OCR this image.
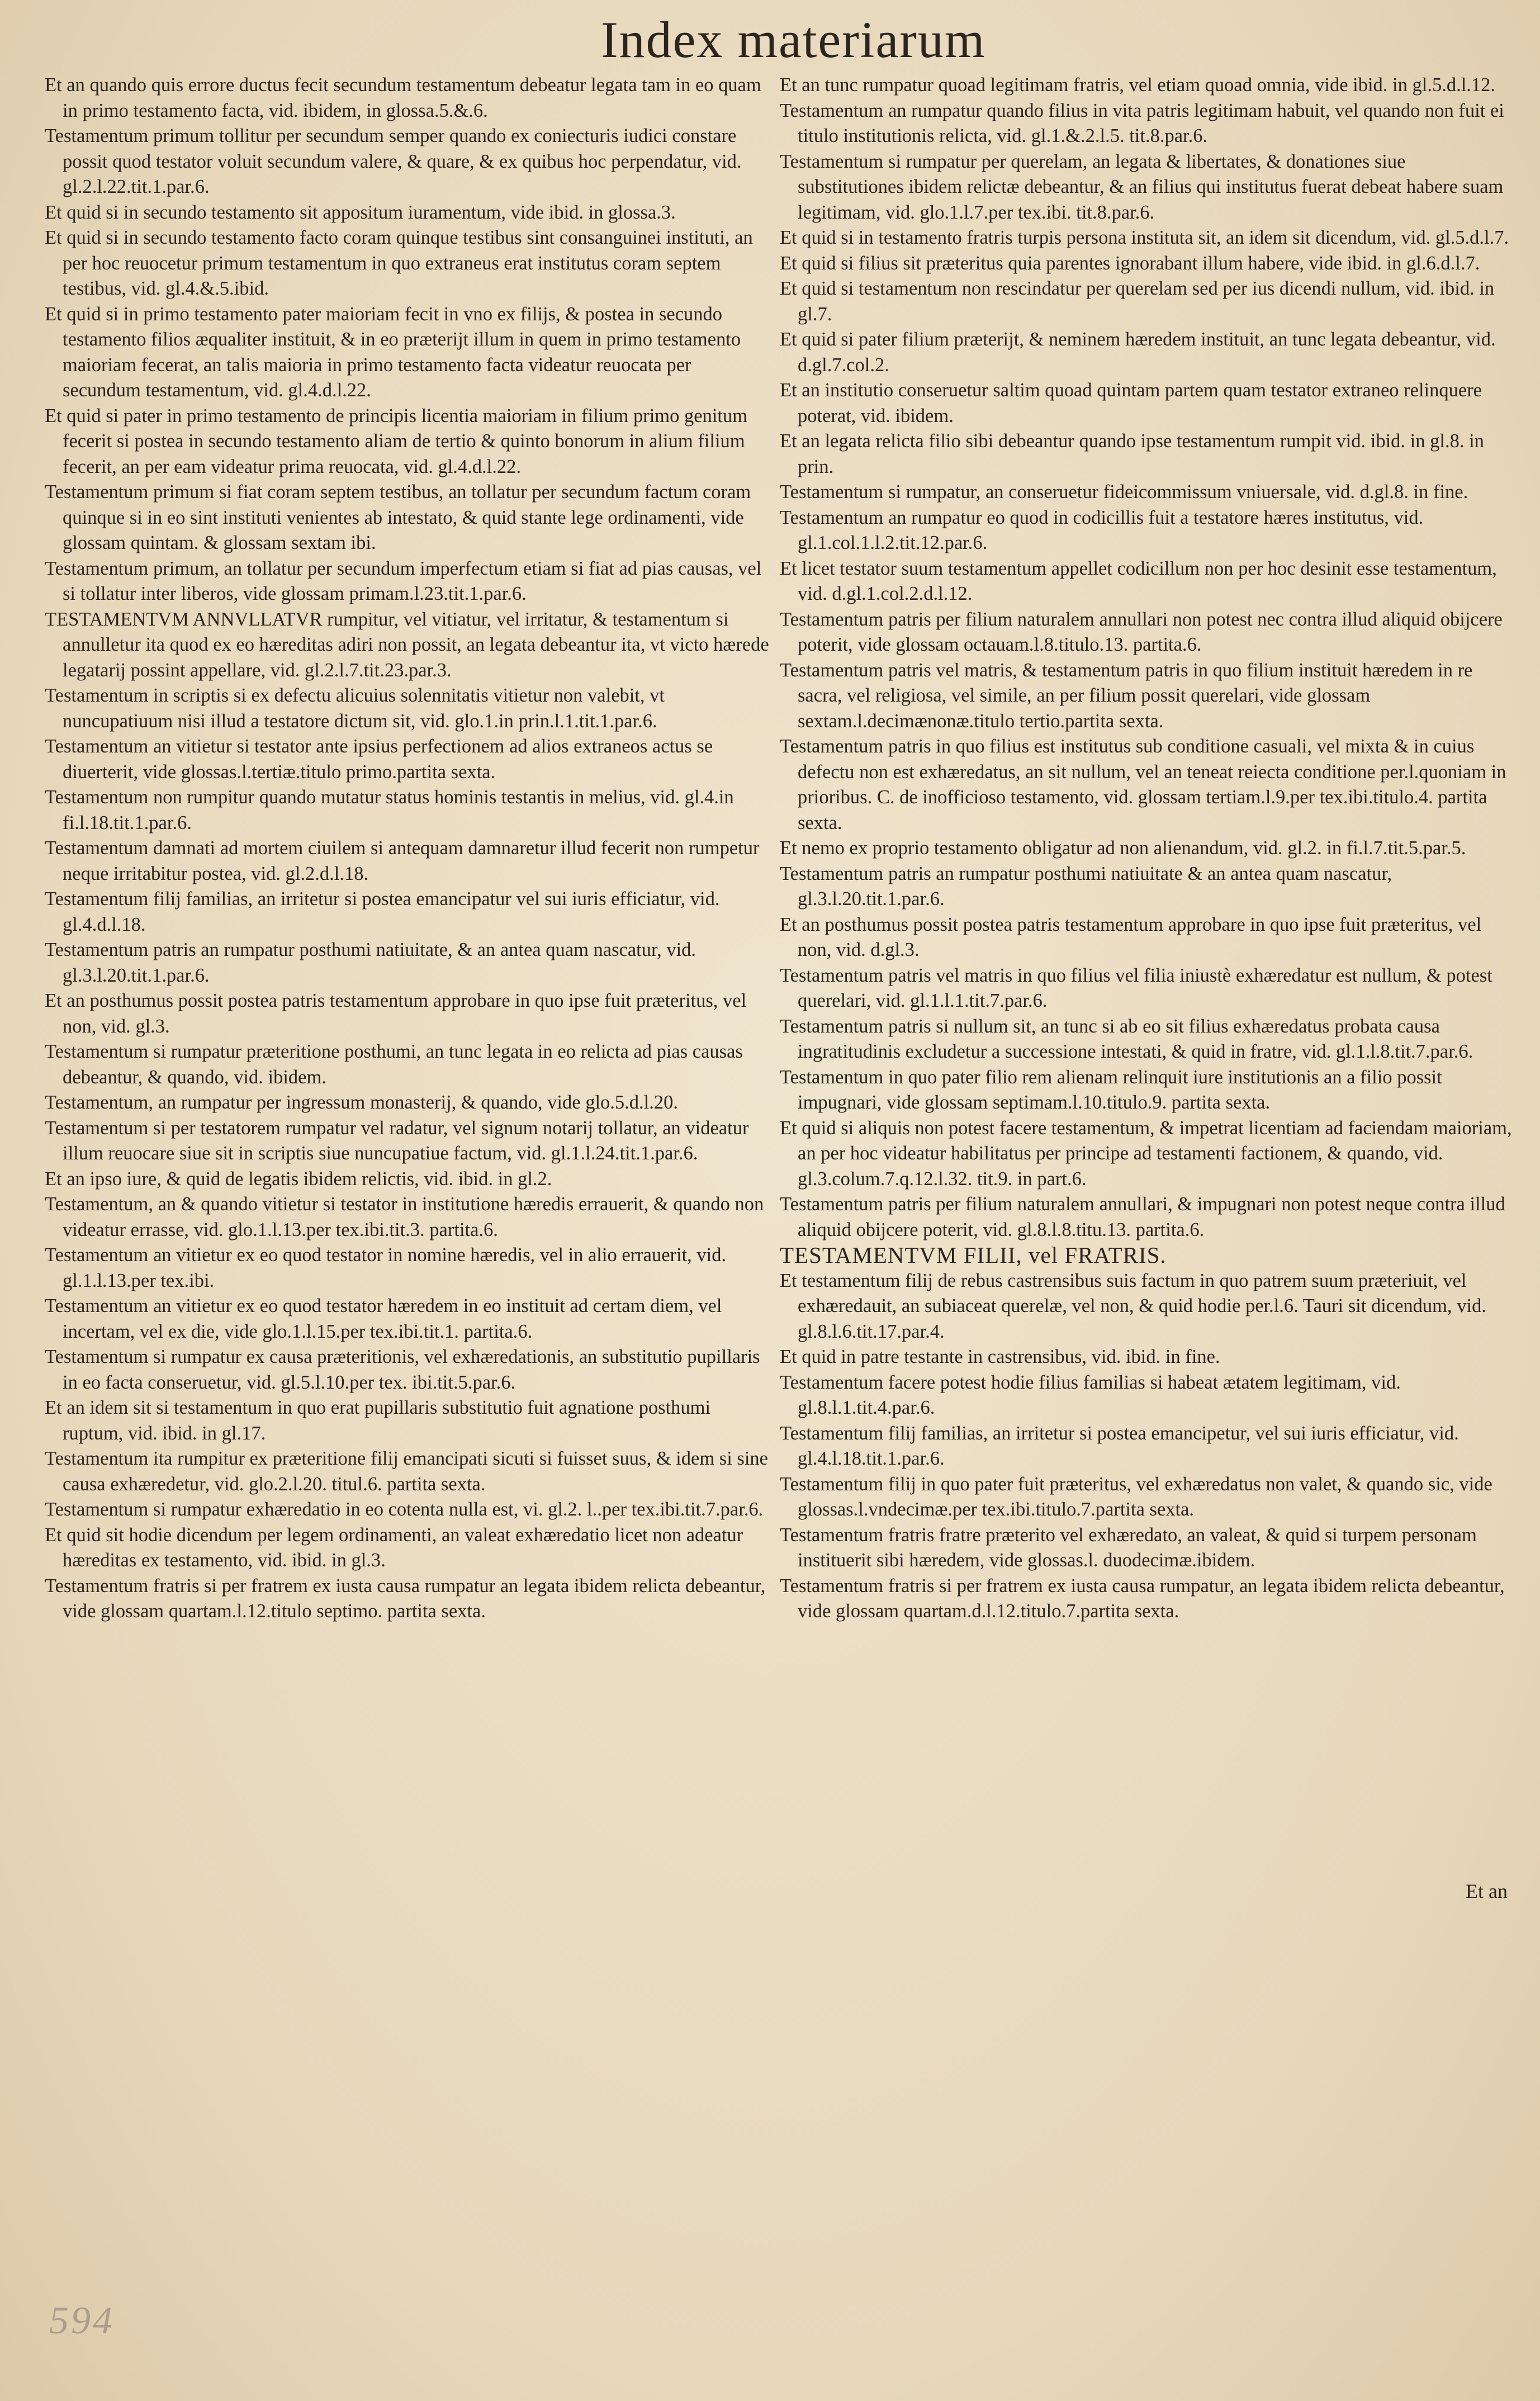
Index materiarum
Et an quando quis errore ductus fecit secundum testamentum debeatur legata tam in eo quam in primo testamento facta, vid. ibidem, in glossa.5.&.6.
Testamentum primum tollitur per secundum semper quando ex coniecturis iudici constare possit quod testator voluit secundum valere, & quare, & ex quibus hoc perpendatur, vid. gl.2.l.22.tit.1.par.6.
Et quid si in secundo testamento sit appositum iuramentum, vide ibid. in glossa.3.
Et quid si in secundo testamento facto coram quinque testibus sint consanguinei instituti, an per hoc reuocetur primum testamentum in quo extraneus erat institutus coram septem testibus, vid. gl.4.&.5.ibid.
Et quid si in primo testamento pater maioriam fecit in vno ex filijs, & postea in secundo testamento filios æqualiter instituit, & in eo præterijt illum in quem in primo testamento maioriam fecerat, an talis maioria in primo testamento facta videatur reuocata per secundum testamentum, vid. gl.4.d.l.22.
Et quid si pater in primo testamento de principis licentia maioriam in filium primo genitum fecerit si postea in secundo testamento aliam de tertio & quinto bonorum in alium filium fecerit, an per eam videatur prima reuocata, vid. gl.4.d.l.22.
Testamentum primum si fiat coram septem testibus, an tollatur per secundum factum coram quinque si in eo sint instituti venientes ab intestato, & quid stante lege ordinamenti, vide glossam quintam. & glossam sextam ibi.
Testamentum primum, an tollatur per secundum imperfectum etiam si fiat ad pias causas, vel si tollatur inter liberos, vide glossam primam.l.23.tit.1.par.6.
TESTAMENTVM ANNVLLATVR rumpitur, vel vitiatur, vel irritatur, & testamentum si annulletur ita quod ex eo hæreditas adiri non possit, an legata debeantur ita, vt victo hærede legatarij possint appellare, vid. gl.2.l.7.tit.23.par.3.
Testamentum in scriptis si ex defectu alicuius solennitatis vitietur non valebit, vt nuncupatiuum nisi illud a testatore dictum sit, vid. glo.1.in prin.l.1.tit.1.par.6.
Testamentum an vitietur si testator ante ipsius perfectionem ad alios extraneos actus se diuerterit, vide glossas.l.tertiæ.titulo primo.partita sexta.
Testamentum non rumpitur quando mutatur status hominis testantis in melius, vid. gl.4.in fi.l.18.tit.1.par.6.
Testamentum damnati ad mortem ciuilem si antequam damnaretur illud fecerit non rumpetur neque irritabitur postea, vid. gl.2.d.l.18.
Testamentum filij familias, an irritetur si postea emancipatur vel sui iuris efficiatur, vid. gl.4.d.l.18.
Testamentum patris an rumpatur posthumi natiuitate, & an antea quam nascatur, vid. gl.3.l.20.tit.1.par.6.
Et an posthumus possit postea patris testamentum approbare in quo ipse fuit præteritus, vel non, vid. gl.3.
Testamentum si rumpatur præteritione posthumi, an tunc legata in eo relicta ad pias causas debeantur, & quando, vid. ibidem.
Testamentum, an rumpatur per ingressum monasterij, & quando, vide glo.5.d.l.20.
Testamentum si per testatorem rumpatur vel radatur, vel signum notarij tollatur, an videatur illum reuocare siue sit in scriptis siue nuncupatiue factum, vid. gl.1.l.24.tit.1.par.6.
Et an ipso iure, & quid de legatis ibidem relictis, vid. ibid. in gl.2.
Testamentum, an & quando vitietur si testator in institutione hæredis errauerit, & quando non videatur errasse, vid. glo.1.l.13.per tex.ibi.tit.3. partita.6.
Testamentum an vitietur ex eo quod testator in nomine hæredis, vel in alio errauerit, vid. gl.1.l.13.per tex.ibi.
Testamentum an vitietur ex eo quod testator hæredem in eo instituit ad certam diem, vel incertam, vel ex die, vide glo.1.l.15.per tex.ibi.tit.1. partita.6.
Testamentum si rumpatur ex causa præteritionis, vel exhæredationis, an substitutio pupillaris in eo facta conseruetur, vid. gl.5.l.10.per tex. ibi.tit.5.par.6.
Et an idem sit si testamentum in quo erat pupillaris substitutio fuit agnatione posthumi ruptum, vid. ibid. in gl.17.
Testamentum ita rumpitur ex præteritione filij emancipati sicuti si fuisset suus, & idem si sine causa exhæredetur, vid. glo.2.l.20. titul.6. partita sexta.
Testamentum si rumpatur exhæredatio in eo cotenta nulla est, vi. gl.2. l..per tex.ibi.tit.7.par.6.
Et quid sit hodie dicendum per legem ordinamenti, an valeat exhæredatio licet non adeatur hæreditas ex testamento, vid. ibid. in gl.3.
Testamentum fratris si per fratrem ex iusta causa rumpatur an legata ibidem relicta debeantur, vide glossam quartam.l.12.titulo septimo. partita sexta.
Et an tunc rumpatur quoad legitimam fratris, vel etiam quoad omnia, vide ibid. in gl.5.d.l.12.
Testamentum an rumpatur quando filius in vita patris legitimam habuit, vel quando non fuit ei titulo institutionis relicta, vid. gl.1.&.2.l.5. tit.8.par.6.
Testamentum si rumpatur per querelam, an legata & libertates, & donationes siue substitutiones ibidem relictæ debeantur, & an filius qui institutus fuerat debeat habere suam legitimam, vid. glo.1.l.7.per tex.ibi. tit.8.par.6.
Et quid si in testamento fratris turpis persona instituta sit, an idem sit dicendum, vid. gl.5.d.l.7.
Et quid si filius sit præteritus quia parentes ignorabant illum habere, vide ibid. in gl.6.d.l.7.
Et quid si testamentum non rescindatur per querelam sed per ius dicendi nullum, vid. ibid. in gl.7.
Et quid si pater filium præterijt, & neminem hæredem instituit, an tunc legata debeantur, vid. d.gl.7.col.2.
Et an institutio conseruetur saltim quoad quintam partem quam testator extraneo relinquere poterat, vid. ibidem.
Et an legata relicta filio sibi debeantur quando ipse testamentum rumpit vid. ibid. in gl.8. in prin.
Testamentum si rumpatur, an conseruetur fideicommissum vniuersale, vid. d.gl.8. in fine.
Testamentum an rumpatur eo quod in codicillis fuit a testatore hæres institutus, vid. gl.1.col.1.l.2.tit.12.par.6.
Et licet testator suum testamentum appellet codicillum non per hoc desinit esse testamentum, vid. d.gl.1.col.2.d.l.12.
Testamentum patris per filium naturalem annullari non potest nec contra illud aliquid obijcere poterit, vide glossam octauam.l.8.titulo.13. partita.6.
Testamentum patris vel matris, & testamentum patris in quo filium instituit hæredem in re sacra, vel religiosa, vel simile, an per filium possit querelari, vide glossam sextam.l.decimænonæ.titulo tertio.partita sexta.
Testamentum patris in quo filius est institutus sub conditione casuali, vel mixta & in cuius defectu non est exhæredatus, an sit nullum, vel an teneat reiecta conditione per.l.quoniam in prioribus. C. de inofficioso testamento, vid. glossam tertiam.l.9.per tex.ibi.titulo.4. partita sexta.
Et nemo ex proprio testamento obligatur ad non alienandum, vid. gl.2. in fi.l.7.tit.5.par.5.
Testamentum patris an rumpatur posthumi natiuitate & an antea quam nascatur, gl.3.l.20.tit.1.par.6.
Et an posthumus possit postea patris testamentum approbare in quo ipse fuit præteritus, vel non, vid. d.gl.3.
Testamentum patris vel matris in quo filius vel filia iniustè exhæredatur est nullum, & potest querelari, vid. gl.1.l.1.tit.7.par.6.
Testamentum patris si nullum sit, an tunc si ab eo sit filius exhæredatus probata causa ingratitudinis excludetur a successione intestati, & quid in fratre, vid. gl.1.l.8.tit.7.par.6.
Testamentum in quo pater filio rem alienam relinquit iure institutionis an a filio possit impugnari, vide glossam septimam.l.10.titulo.9. partita sexta.
Et quid si aliquis non potest facere testamentum, & impetrat licentiam ad faciendam maioriam, an per hoc videatur habilitatus per principe ad testamenti factionem, & quando, vid. gl.3.colum.7.q.12.l.32. tit.9. in part.6.
Testamentum patris per filium naturalem annullari, & impugnari non potest neque contra illud aliquid obijcere poterit, vid. gl.8.l.8.titu.13. partita.6.
TESTAMENTVM FILII, vel FRATRIS.
Et testamentum filij de rebus castrensibus suis factum in quo patrem suum præteriuit, vel exhæredauit, an subiaceat querelæ, vel non, & quid hodie per.l.6. Tauri sit dicendum, vid. gl.8.l.6.tit.17.par.4.
Et quid in patre testante in castrensibus, vid. ibid. in fine.
Testamentum facere potest hodie filius familias si habeat ætatem legitimam, vid. gl.8.l.1.tit.4.par.6.
Testamentum filij familias, an irritetur si postea emancipetur, vel sui iuris efficiatur, vid. gl.4.l.18.tit.1.par.6.
Testamentum filij in quo pater fuit præteritus, vel exhæredatus non valet, & quando sic, vide glossas.l.vndecimæ.per tex.ibi.titulo.7.partita sexta.
Testamentum fratris fratre præterito vel exhæredato, an valeat, & quid si turpem personam instituerit sibi hæredem, vide glossas.l. duodecimæ.ibidem.
Testamentum fratris si per fratrem ex iusta causa rumpatur, an legata ibidem relicta debeantur, vide glossam quartam.d.l.12.titulo.7.partita sexta.
Et an
594
